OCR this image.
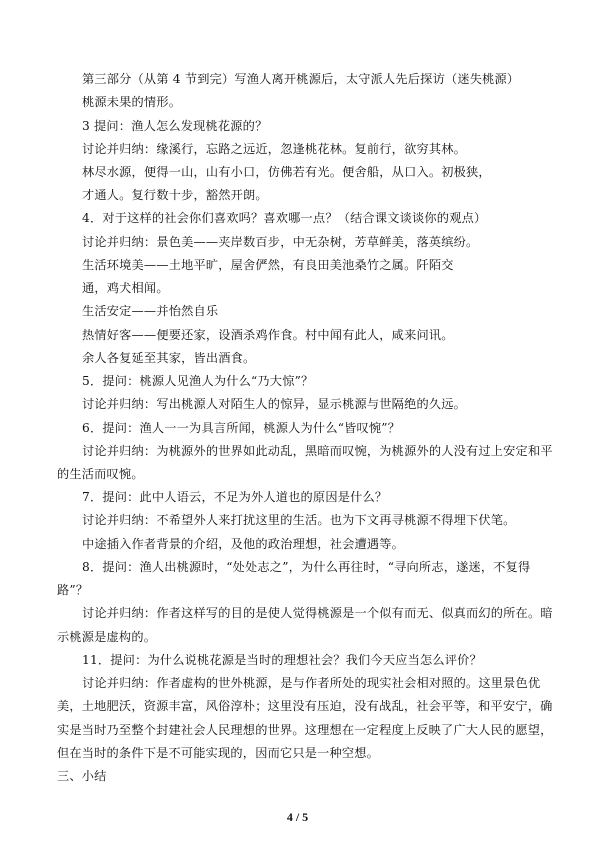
第三部分（从第 4 节到完）写渔人离开桃源后，太守派人先后探访（迷失桃源）
桃源未果的情形。
3 提问：渔人怎么发现桃花源的？
讨论并归纳：缘溪行，忘路之远近，忽逢桃花林。复前行，欲穷其林。
林尽水源，便得一山，山有小口，仿佛若有光。便舍船，从口入。初极狭，
才通人。复行数十步，豁然开朗。
4．对于这样的社会你们喜欢吗？喜欢哪一点？（结合课文谈谈你的观点）
讨论并归纳：景色美——夹岸数百步，中无杂树，芳草鲜美，落英缤纷。
生活环境美——土地平旷，屋舍俨然，有良田美池桑竹之属。阡陌交
通，鸡犬相闻。
生活安定——并怡然自乐
热情好客——便要还家，设酒杀鸡作食。村中闻有此人，咸来问讯。
余人各复延至其家，皆出酒食。
5．提问：桃源人见渔人为什么“乃大惊”？
讨论并归纳：写出桃源人对陌生人的惊异，显示桃源与世隔绝的久远。
6．提问：渔人一一为具言所闻，桃源人为什么“皆叹惋”？
讨论并归纳：为桃源外的世界如此动乱，黑暗而叹惋，为桃源外的人没有过上安定和平
的生活而叹惋。
7．提问：此中人语云，不足为外人道也的原因是什么？
讨论并归纳：不希望外人来打扰这里的生活。也为下文再寻桃源不得埋下伏笔。
中途插入作者背景的介绍，及他的政治理想，社会遭遇等。
8．提问：渔人出桃源时，“处处志之”，为什么再往时，“寻向所志，遂迷，不复得
路”？
讨论并归纳：作者这样写的目的是使人觉得桃源是一个似有而无、似真而幻的所在。暗
示桃源是虚构的。
11．提问：为什么说桃花源是当时的理想社会？我们今天应当怎么评价？
讨论并归纳：作者虚构的世外桃源，是与作者所处的现实社会相对照的。这里景色优
美，土地肥沃，资源丰富，风俗淳朴；这里没有压迫，没有战乱，社会平等，和平安宁，确
实是当时乃至整个封建社会人民理想的世界。这理想在一定程度上反映了广大人民的愿望，
但在当时的条件下是不可能实现的，因而它只是一种空想。
三、小结
4 / 5
